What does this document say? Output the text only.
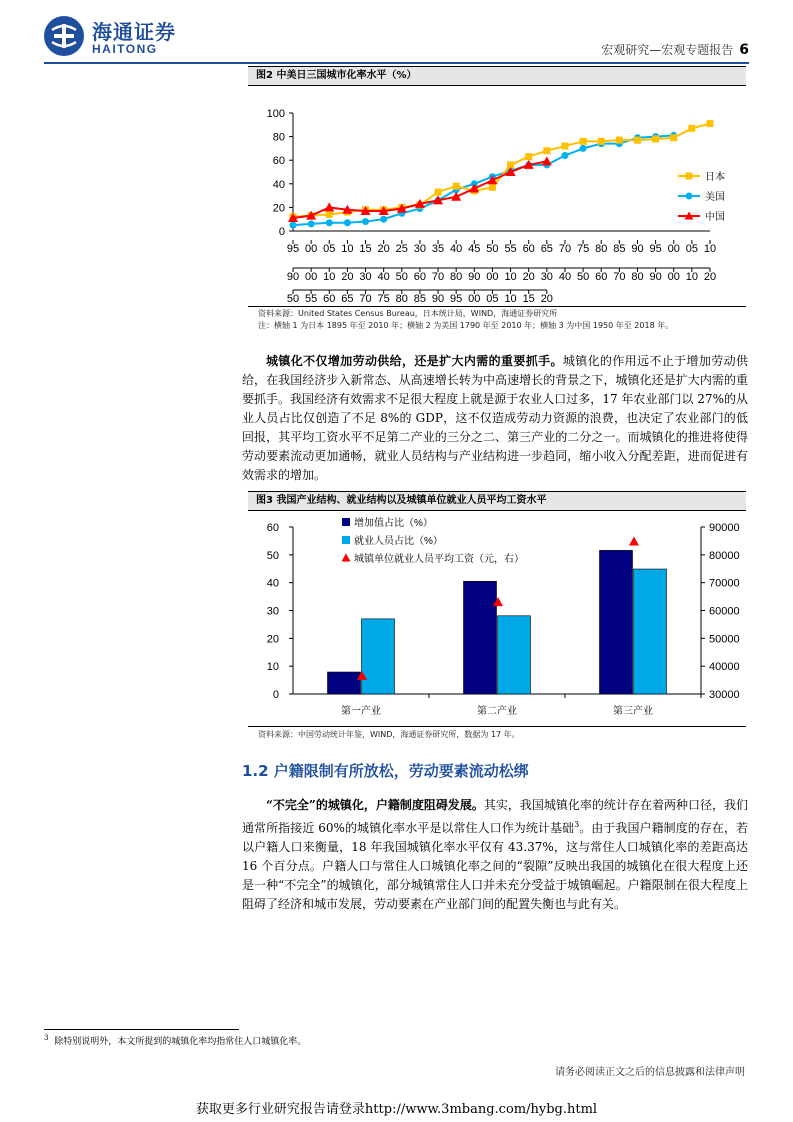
海通证券
HAITONG	宏观研究—宏观专题报告 6
图2 中美日三国城市化率水平（%）
0
20
40
60
80
100
95 00 05 10 15 20 25 30 35 40 45 50 55 60 65 70 75 80 85 90 95 00 05 10
90 00 10 20 30 40 50 60 70 80 90 00 10 20 30 40 50 60 70 80 90 00 10 20
50 55 60 65 70 75 80 85 90 95 00 05 10 15 20
日本
美国
中国
资料来源：United States Census Bureau，日本统计局，WIND，海通证券研究所
注：横轴 1 为日本 1895 年至 2010 年；横轴 2 为美国 1790 年至 2010 年；横轴 3 为中国 1950 年至 2018 年。
城镇化不仅增加劳动供给，还是扩大内需的重要抓手。城镇化的作用远不止于增加劳动供给，在我国经济步入新常态、从高速增长转为中高速增长的背景之下，城镇化还是扩大内需的重要抓手。我国经济有效需求不足很大程度上就是源于农业人口过多，17 年农业部门以 27%的从业人员占比仅创造了不足 8%的 GDP，这不仅造成劳动力资源的浪费，也决定了农业部门的低回报，其平均工资水平不足第二产业的三分之二、第三产业的二分之一。而城镇化的推进将使得劳动要素流动更加通畅，就业人员结构与产业结构进一步趋同，缩小收入分配差距，进而促进有效需求的增加。
图3 我国产业结构、就业结构以及城镇单位就业人员平均工资水平
0
10
20
30
40
50
60
30000
40000
50000
60000
70000
80000
90000
第一产业	第二产业	第三产业
增加值占比（%）
就业人员占比（%）
城镇单位就业人员平均工资（元，右）
资料来源：中国劳动统计年鉴，WIND，海通证券研究所，数据为 17 年。
1.2 户籍限制有所放松，劳动要素流动松绑
“不完全”的城镇化，户籍制度阻碍发展。其实，我国城镇化率的统计存在着两种口径，我们通常所指接近 60%的城镇化率水平是以常住人口作为统计基础$^3$。由于我国户籍制度的存在，若以户籍人口来衡量，18 年我国城镇化率水平仅有 43.37%，这与常住人口城镇化率的差距高达 16 个百分点。户籍人口与常住人口城镇化率之间的“裂隙”反映出我国的城镇化在很大程度上还是一种“不完全”的城镇化，部分城镇常住人口并未充分受益于城镇崛起。户籍限制在很大程度上阻碍了经济和城市发展，劳动要素在产业部门间的配置失衡也与此有关。
$^3$ 除特别说明外，本文所提到的城镇化率均指常住人口城镇化率。
请务必阅读正文之后的信息披露和法律声明
获取更多行业研究报告请登录http://www.3mbang.com/hybg.html
